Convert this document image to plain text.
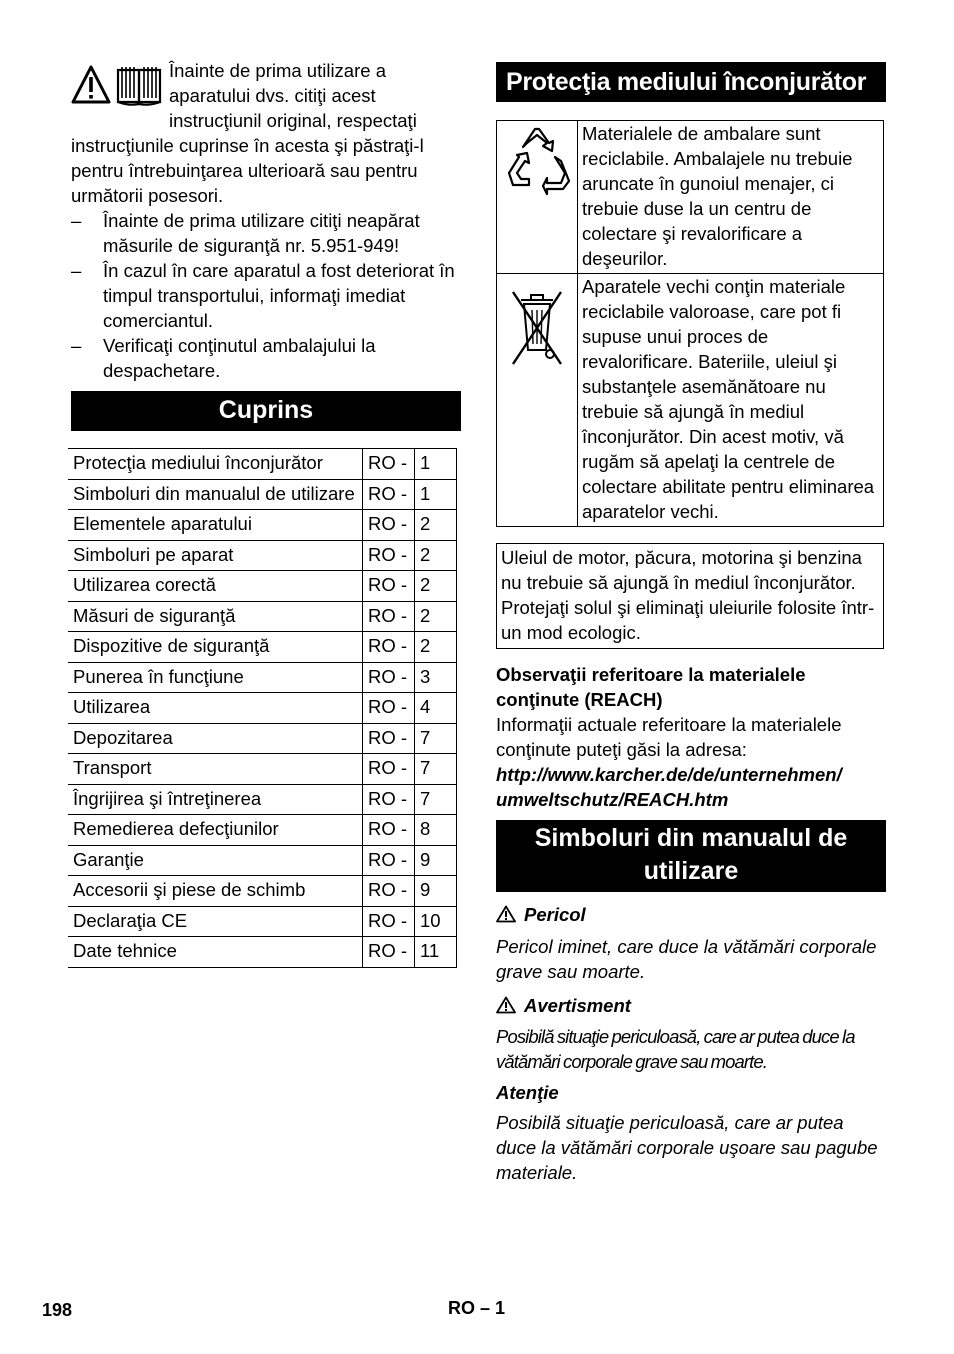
Înainte de prima utilizare a aparatului dvs. citiţi acest instrucţiunil original, respectaţi instrucţiunile cuprinse în acesta şi păstraţi-l pentru întrebuinţarea ulterioară sau pentru următorii posesori.

– Înainte de prima utilizare citiţi neapărat măsurile de siguranţă nr. 5.951-949!
– În cazul în care aparatul a fost deteriorat în timpul transportului, informaţi imediat comerciantul.
– Verificaţi conţinutul ambalajului la despachetare.
Cuprins
Protecţia mediului înconjurător	RO -	1
Simboluri din manualul de utilizare	RO -	1
Elementele aparatului	RO -	2
Simboluri pe aparat	RO -	2
Utilizarea corectă	RO -	2
Măsuri de siguranţă	RO -	2
Dispozitive de siguranţă	RO -	2
Punerea în funcţiune	RO -	3
Utilizarea	RO -	4
Depozitarea	RO -	7
Transport	RO -	7
Îngrijirea şi întreţinerea	RO -	7
Remedierea defecţiunilor	RO -	8
Garanţie	RO -	9
Accesorii şi piese de schimb	RO -	9
Declaraţia CE	RO -	10
Date tehnice	RO -	11
Protecţia mediului înconjurător
	Materialele de ambalare sunt reciclabile. Ambalajele nu trebuie aruncate în gunoiul menajer, ci trebuie duse la un centru de colectare şi revalorificare a deşeurilor.
	Aparatele vechi conţin materiale reciclabile valoroase, care pot fi supuse unui proces de revalorificare. Bateriile, uleiul şi substanţele asemănătoare nu trebuie să ajungă în mediul înconjurător. Din acest motiv, vă rugăm să apelaţi la centrele de colectare abilitate pentru eliminarea aparatelor vechi.
Uleiul de motor, păcura, motorina şi benzina nu trebuie să ajungă în mediul înconjurător. Protejaţi solul şi eliminaţi uleiurile folosite într-un mod ecologic.
Observaţii referitoare la materialele conţinute (REACH)
Informaţii actuale referitoare la materialele conţinute puteţi găsi la adresa:
http://www.karcher.de/de/unternehmen/ umweltschutz/REACH.htm
Simboluri din manualul de utilizare
Pericol
Pericol iminet, care duce la vătămări corporale grave sau moarte.
Avertisment
Posibilă situaţie periculoasă, care ar putea duce la vătămări corporale grave sau moarte.
Atenţie
Posibilă situaţie periculoasă, care ar putea duce la vătămări corporale uşoare sau pagube materiale.
198	RO – 1
